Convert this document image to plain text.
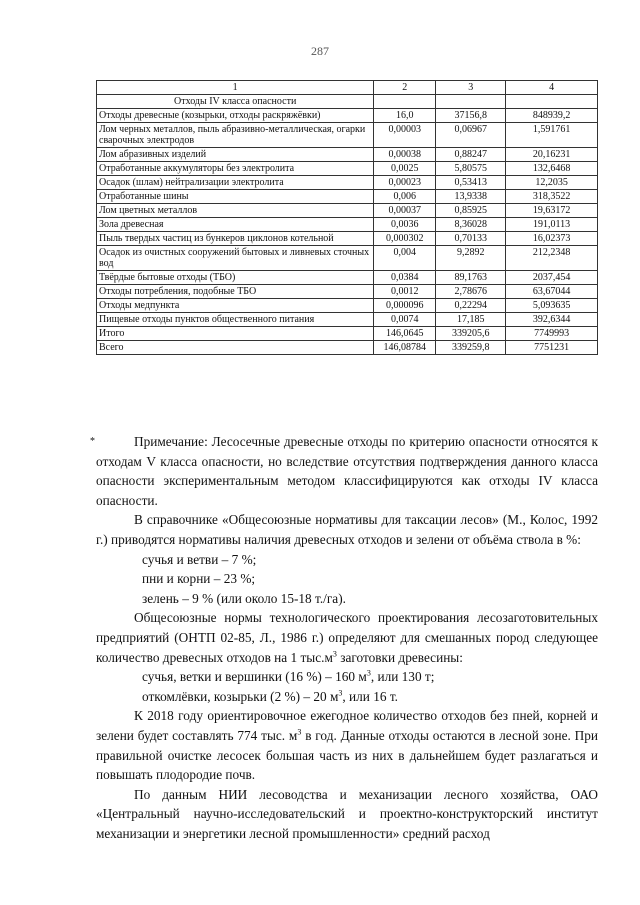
287
1	2	3	4
Отходы IV класса опасности			
Отходы древесные (козырьки, отходы раскряжёвки)	16,0	37156,8	848939,2
Лом черных металлов, пыль абразивно-металлическая, огарки сварочных электродов	0,00003	0,06967	1,591761
Лом абразивных изделий	0,00038	0,88247	20,16231
Отработанные аккумуляторы без электролита	0,0025	5,80575	132,6468
Осадок (шлам) нейтрализации электролита	0,00023	0,53413	12,2035
Отработанные шины	0,006	13,9338	318,3522
Лом цветных металлов	0,00037	0,85925	19,63172
Зола древесная	0,0036	8,36028	191,0113
Пыль твердых частиц из бункеров циклонов котельной	0,000302	0,70133	16,02373
Осадок из очистных сооружений бытовых и ливневых сточных вод	0,004	9,2892	212,2348
Твёрдые бытовые отходы (ТБО)	0,0384	89,1763	2037,454
Отходы потребления, подобные ТБО	0,0012	2,78676	63,67044
Отходы медпункта	0,000096	0,22294	5,093635
Пищевые отходы пунктов общественного питания	0,0074	17,185	392,6344
Итого	146,0645	339205,6	7749993
Всего	146,08784	339259,8	7751231
*	Примечание: Лесосечные древесные отходы по критерию опасности относятся к отходам V класса опасности, но вследствие отсутствия подтверждения данного класса опасности экспериментальным методом классифицируются как отходы IV класса опасности.

В справочнике «Общесоюзные нормативы для таксации лесов» (М., Колос, 1992 г.) приводятся нормативы наличия древесных отходов и зелени от объёма ствола в %:

сучья и ветви – 7 %;

пни и корни – 23 %;

зелень – 9 % (или около 15-18 т./га).

Общесоюзные нормы технологического проектирования лесозаготовительных предприятий (ОНТП 02-85, Л., 1986 г.) определяют для смешанных пород следующее количество древесных отходов на 1 $тыс.м^3$ заготовки древесины:

сучья, ветки и вершинки (16 %) – 160 $м^3$, или 130 т;

откомлёвки, козырьки (2 %) – 20 $м^3$, или 16 т.

К 2018 году ориентировочное ежегодное количество отходов без пней, корней и зелени будет составлять 774 тыс. $м^3$ в год. Данные отходы остаются в лесной зоне. При правильной очистке лесосек большая часть из них в дальнейшем будет разлагаться и повышать плодородие почв.

По данным НИИ лесоводства и механизации лесного хозяйства, ОАО «Центральный научно-исследовательский и проектно-конструкторский институт механизации и энергетики лесной промышленности» средний расход
